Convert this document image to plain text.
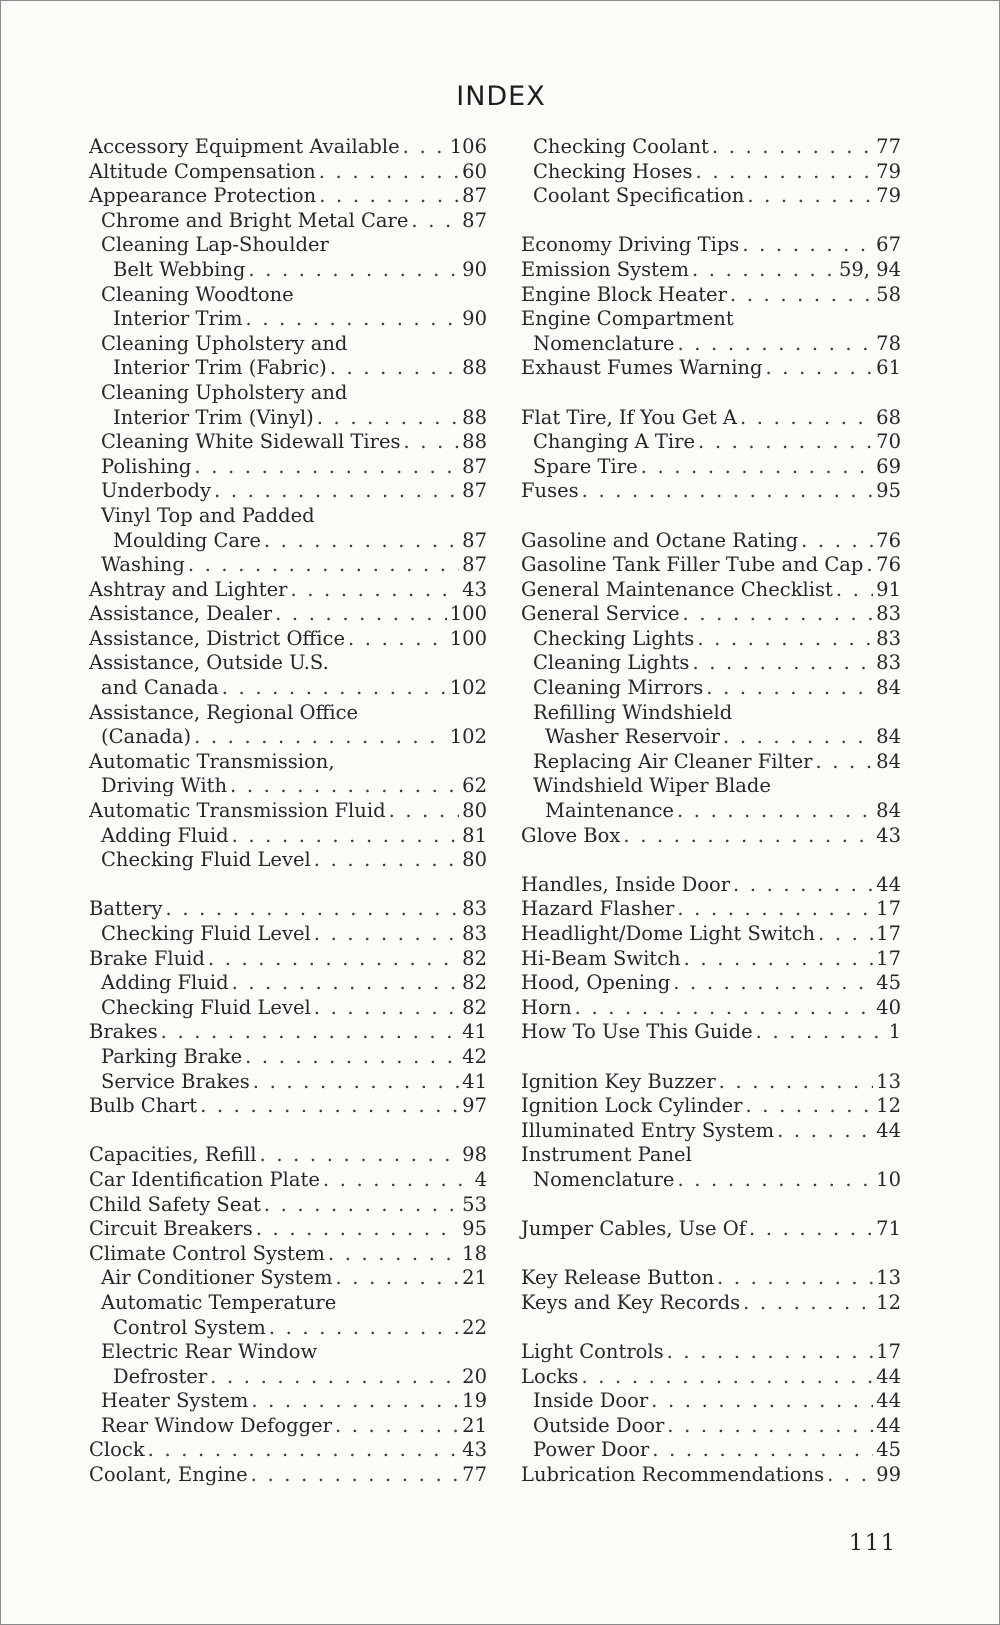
INDEX
Accessory Equipment Available . . .	106
Altitude Compensation . . .	60
Appearance Protection . . .	87
Chrome and Bright Metal Care . . .	87
Cleaning Lap-Shoulder
Belt Webbing . . .	90
Cleaning Woodtone
Interior Trim . . .	90
Cleaning Upholstery and
Interior Trim (Fabric) . . .	88
Cleaning Upholstery and
Interior Trim (Vinyl) . . .	88
Cleaning White Sidewall Tires . . .	88
Polishing . . .	87
Underbody . . .	87
Vinyl Top and Padded
Moulding Care . . .	87
Washing . . .	87
Ashtray and Lighter . . .	43
Assistance, Dealer . . .	100
Assistance, District Office . . .	100
Assistance, Outside U.S.
and Canada . . .	102
Assistance, Regional Office
(Canada) . . .	102
Automatic Transmission,
Driving With . . .	62
Automatic Transmission Fluid . . .	80
Adding Fluid . . .	81
Checking Fluid Level . . .	80
Battery . . .	83
Checking Fluid Level . . .	83
Brake Fluid . . .	82
Adding Fluid . . .	82
Checking Fluid Level . . .	82
Brakes . . .	41
Parking Brake . . .	42
Service Brakes . . .	41
Bulb Chart . . .	97
Capacities, Refill . . .	98
Car Identification Plate . . .	4
Child Safety Seat . . .	53
Circuit Breakers . . .	95
Climate Control System . . .	18
Air Conditioner System . . .	21
Automatic Temperature
Control System . . .	22
Electric Rear Window
Defroster . . .	20
Heater System . . .	19
Rear Window Defogger . . .	21
Clock . . .	43
Coolant, Engine . . .	77
Checking Coolant . . .	77
Checking Hoses . . .	79
Coolant Specification . . .	79
Economy Driving Tips . . .	67
Emission System . . .	59, 94
Engine Block Heater . . .	58
Engine Compartment
Nomenclature . . .	78
Exhaust Fumes Warning . . .	61
Flat Tire, If You Get A . . .	68
Changing A Tire . . .	70
Spare Tire . . .	69
Fuses . . .	95
Gasoline and Octane Rating . . .	76
Gasoline Tank Filler Tube and Cap . . . 76
General Maintenance Checklist . . . 91
General Service . . .	83
Checking Lights . . .	83
Cleaning Lights . . .	83
Cleaning Mirrors . . .	84
Refilling Windshield
Washer Reservoir . . .	84
Replacing Air Cleaner Filter . . .	84
Windshield Wiper Blade
Maintenance . . .	84
Glove Box . . .	43
Handles, Inside Door . . .	44
Hazard Flasher . . .	17
Headlight/Dome Light Switch . . .	17
Hi-Beam Switch . . .	17
Hood, Opening . . .	45
Horn . . .	40
How To Use This Guide . . .	1
Ignition Key Buzzer . . .	13
Ignition Lock Cylinder . . .	12
Illuminated Entry System . . .	44
Instrument Panel
Nomenclature . . .	10
Jumper Cables, Use Of . . .	71
Key Release Button . . .	13
Keys and Key Records . . .	12
Light Controls . . .	17
Locks . . .	44
Inside Door . . .	44
Outside Door . . .	44
Power Door . . .	45
Lubrication Recommendations . . .	99
111
